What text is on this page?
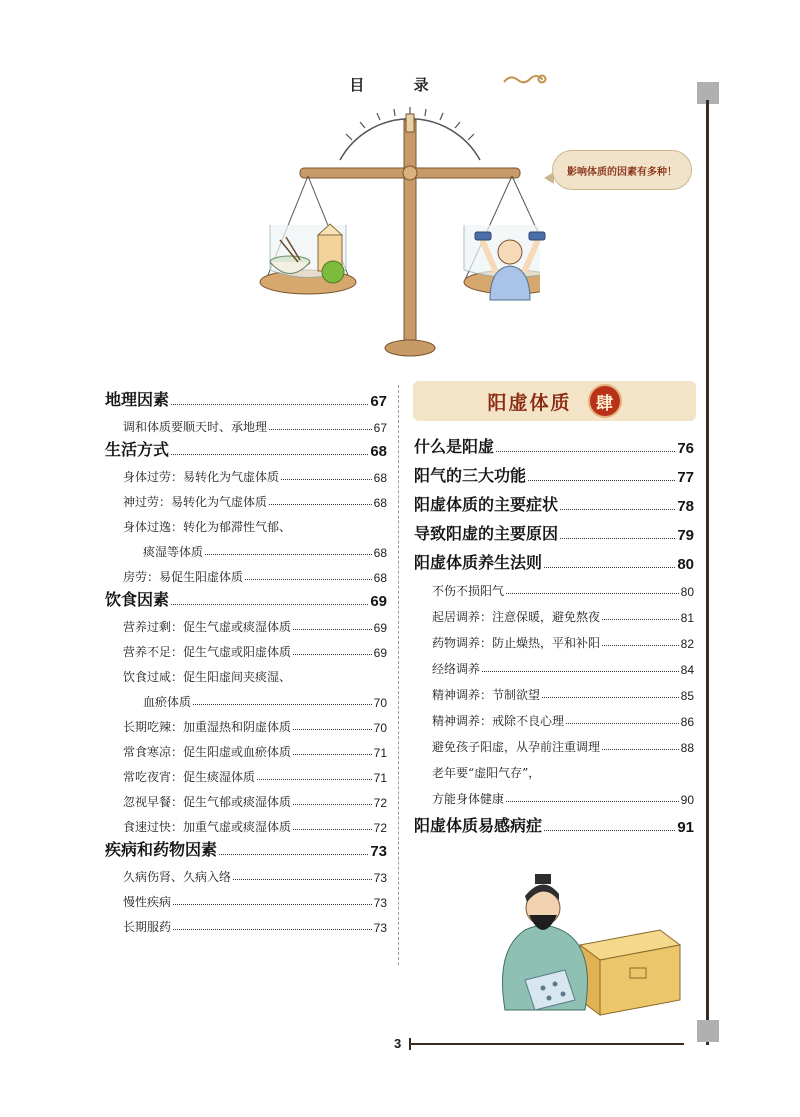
目 录
影响体质的因素有多种！
地理因素	67
调和体质要顺天时、承地理	67
生活方式	68
身体过劳：易转化为气虚体质	68
神过劳：易转化为气虚体质	68
身体过逸：转化为郁滞性气郁、
痰湿等体质	68
房劳：易促生阳虚体质	68
饮食因素	69
营养过剩：促生气虚或痰湿体质	69
营养不足：促生气虚或阳虚体质	69
饮食过咸：促生阳虚间夹痰湿、
血瘀体质	70
长期吃辣：加重湿热和阴虚体质	70
常食寒凉：促生阳虚或血瘀体质	71
常吃夜宵：促生痰湿体质	71
忽视早餐：促生气郁或痰湿体质	72
食速过快：加重气虚或痰湿体质	72
疾病和药物因素	73
久病伤肾、久病入络	73
慢性疾病	73
长期服药	73
阳虚体质	肆
什么是阳虚	76
阳气的三大功能	77
阳虚体质的主要症状	78
导致阳虚的主要原因	79
阳虚体质养生法则	80
不伤不损阳气	80
起居调养：注意保暖，避免熬夜	81
药物调养：防止燥热，平和补阳	82
经络调养	84
精神调养：节制欲望	85
精神调养：戒除不良心理	86
避免孩子阳虚，从孕前注重调理	88
老年要“虚阳气存”，
方能身体健康	90
阳虚体质易感病症	91
3
